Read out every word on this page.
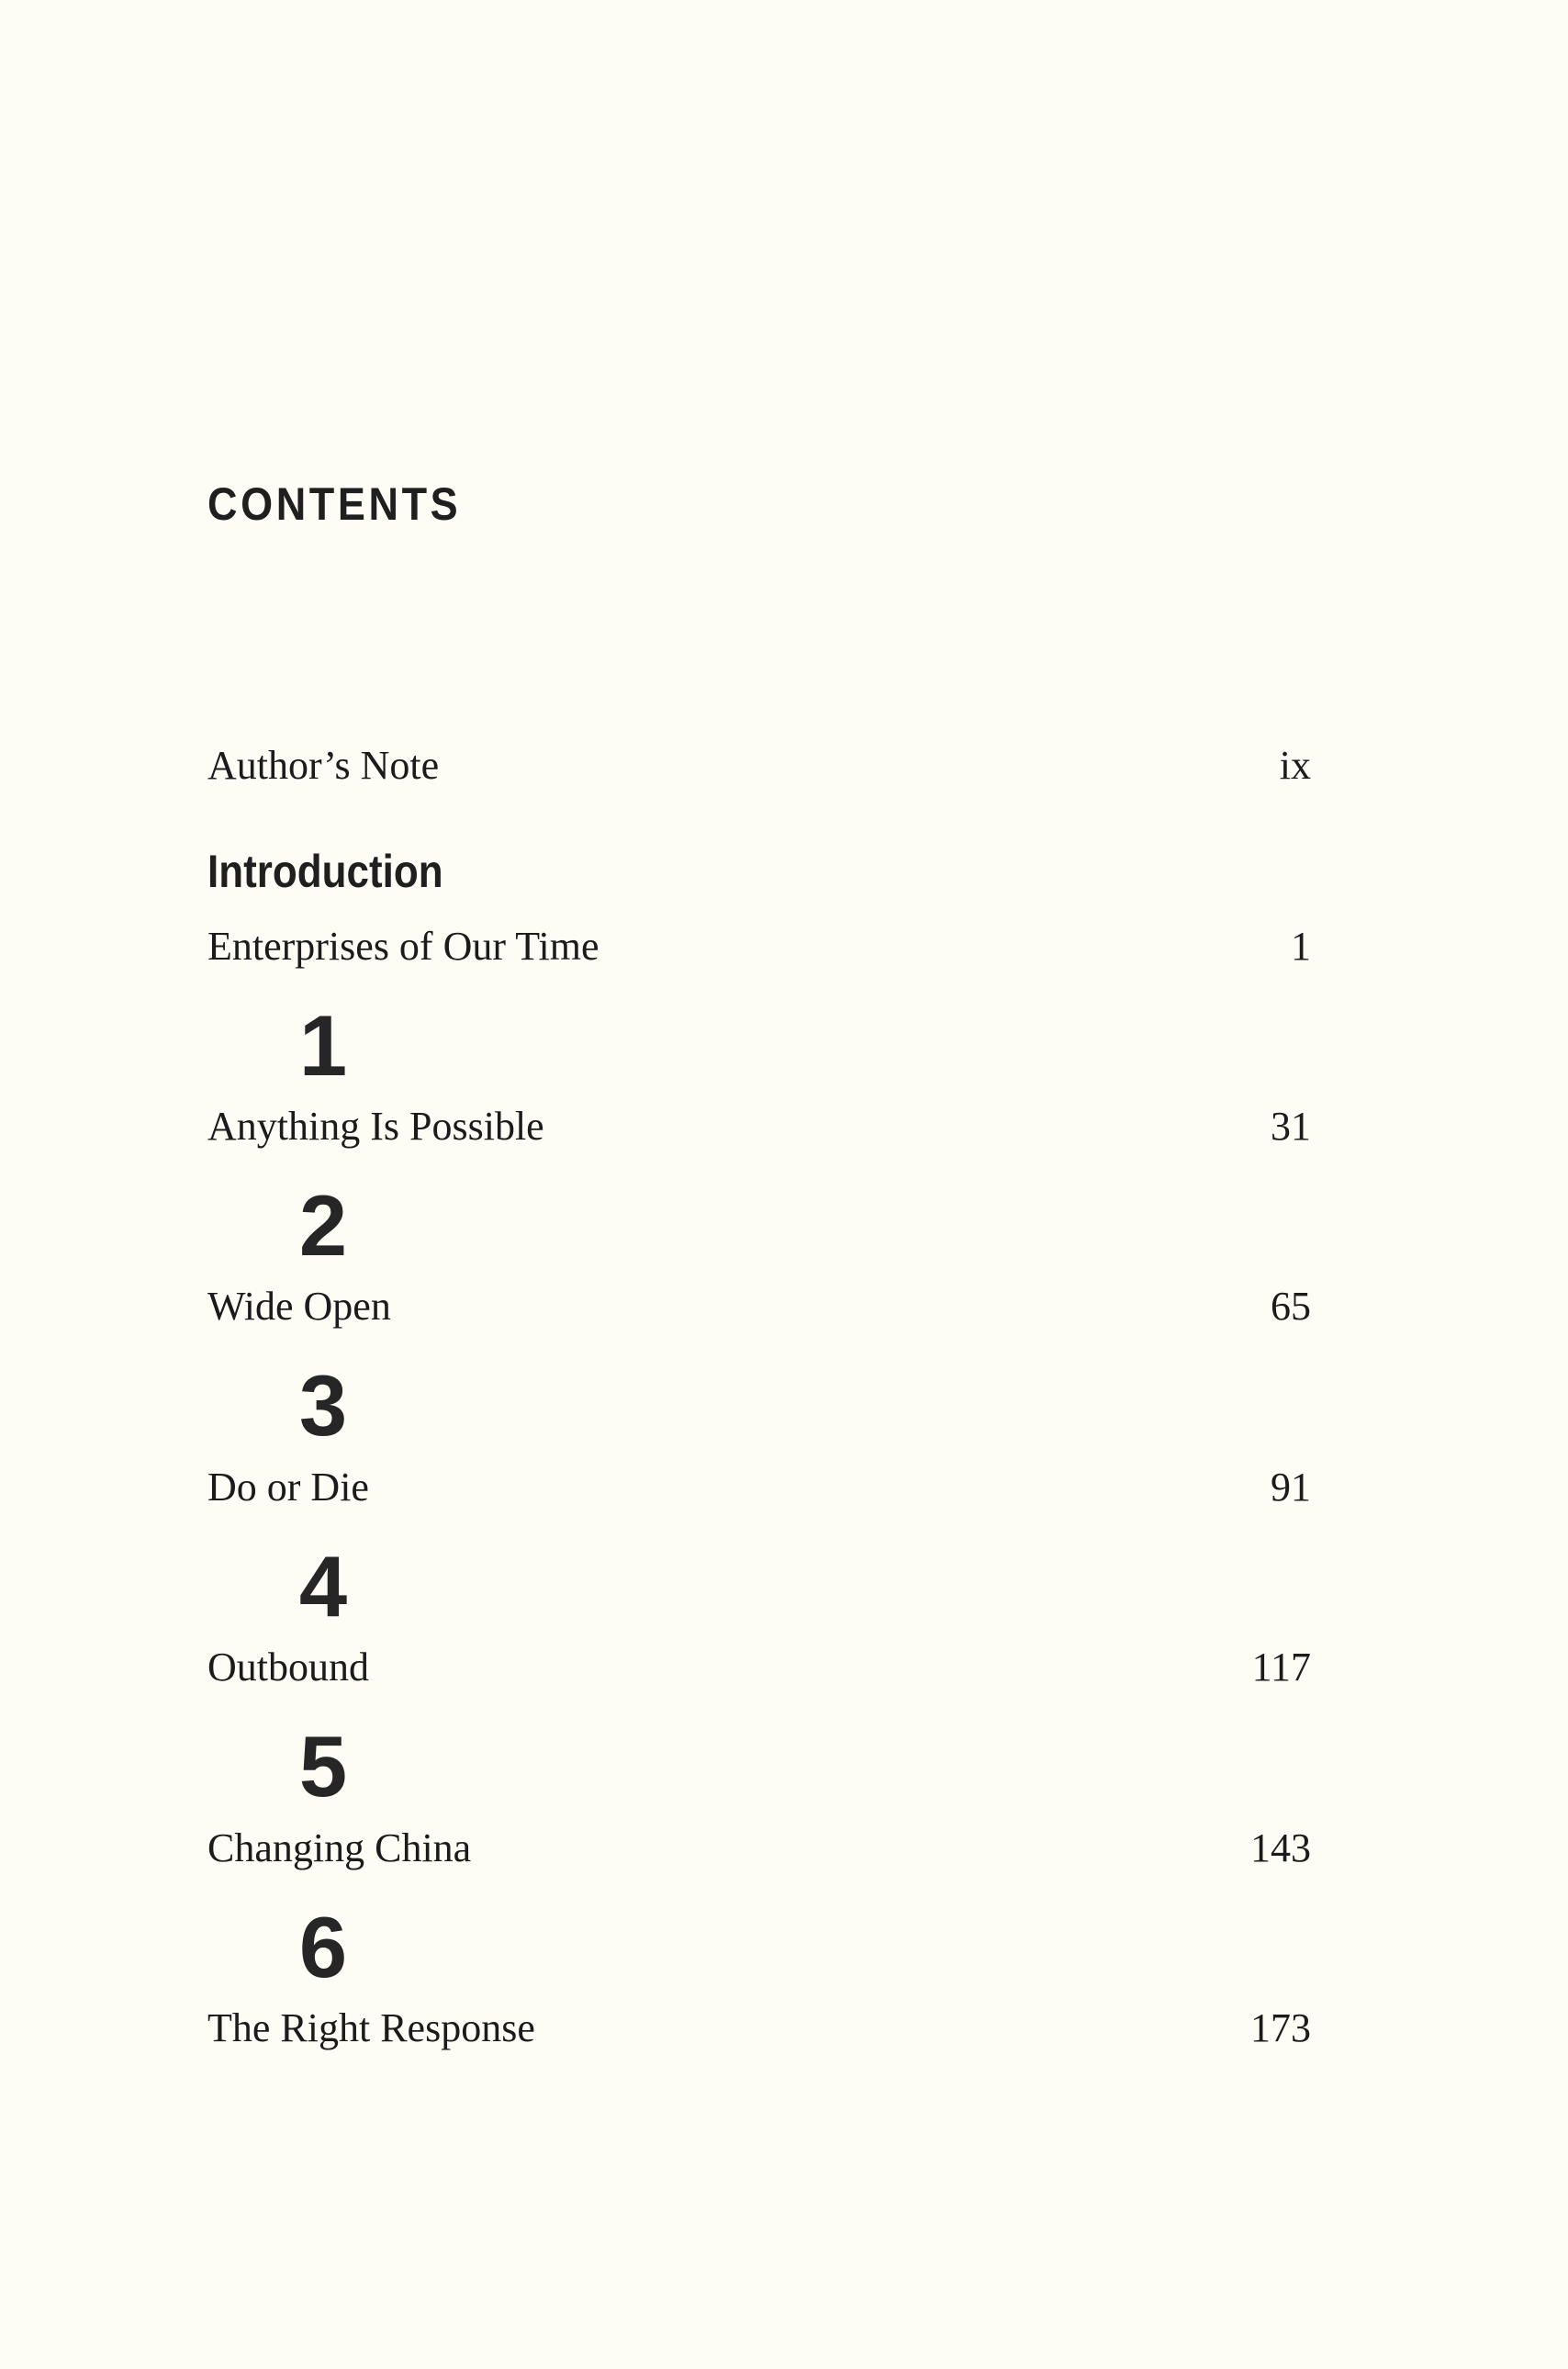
CONTENTS
Author’s Note	ix
Introduction
Enterprises of Our Time	1
1
Anything Is Possible	31
2
Wide Open	65
3
Do or Die	91
4
Outbound	117
5
Changing China	143
6
The Right Response	173
